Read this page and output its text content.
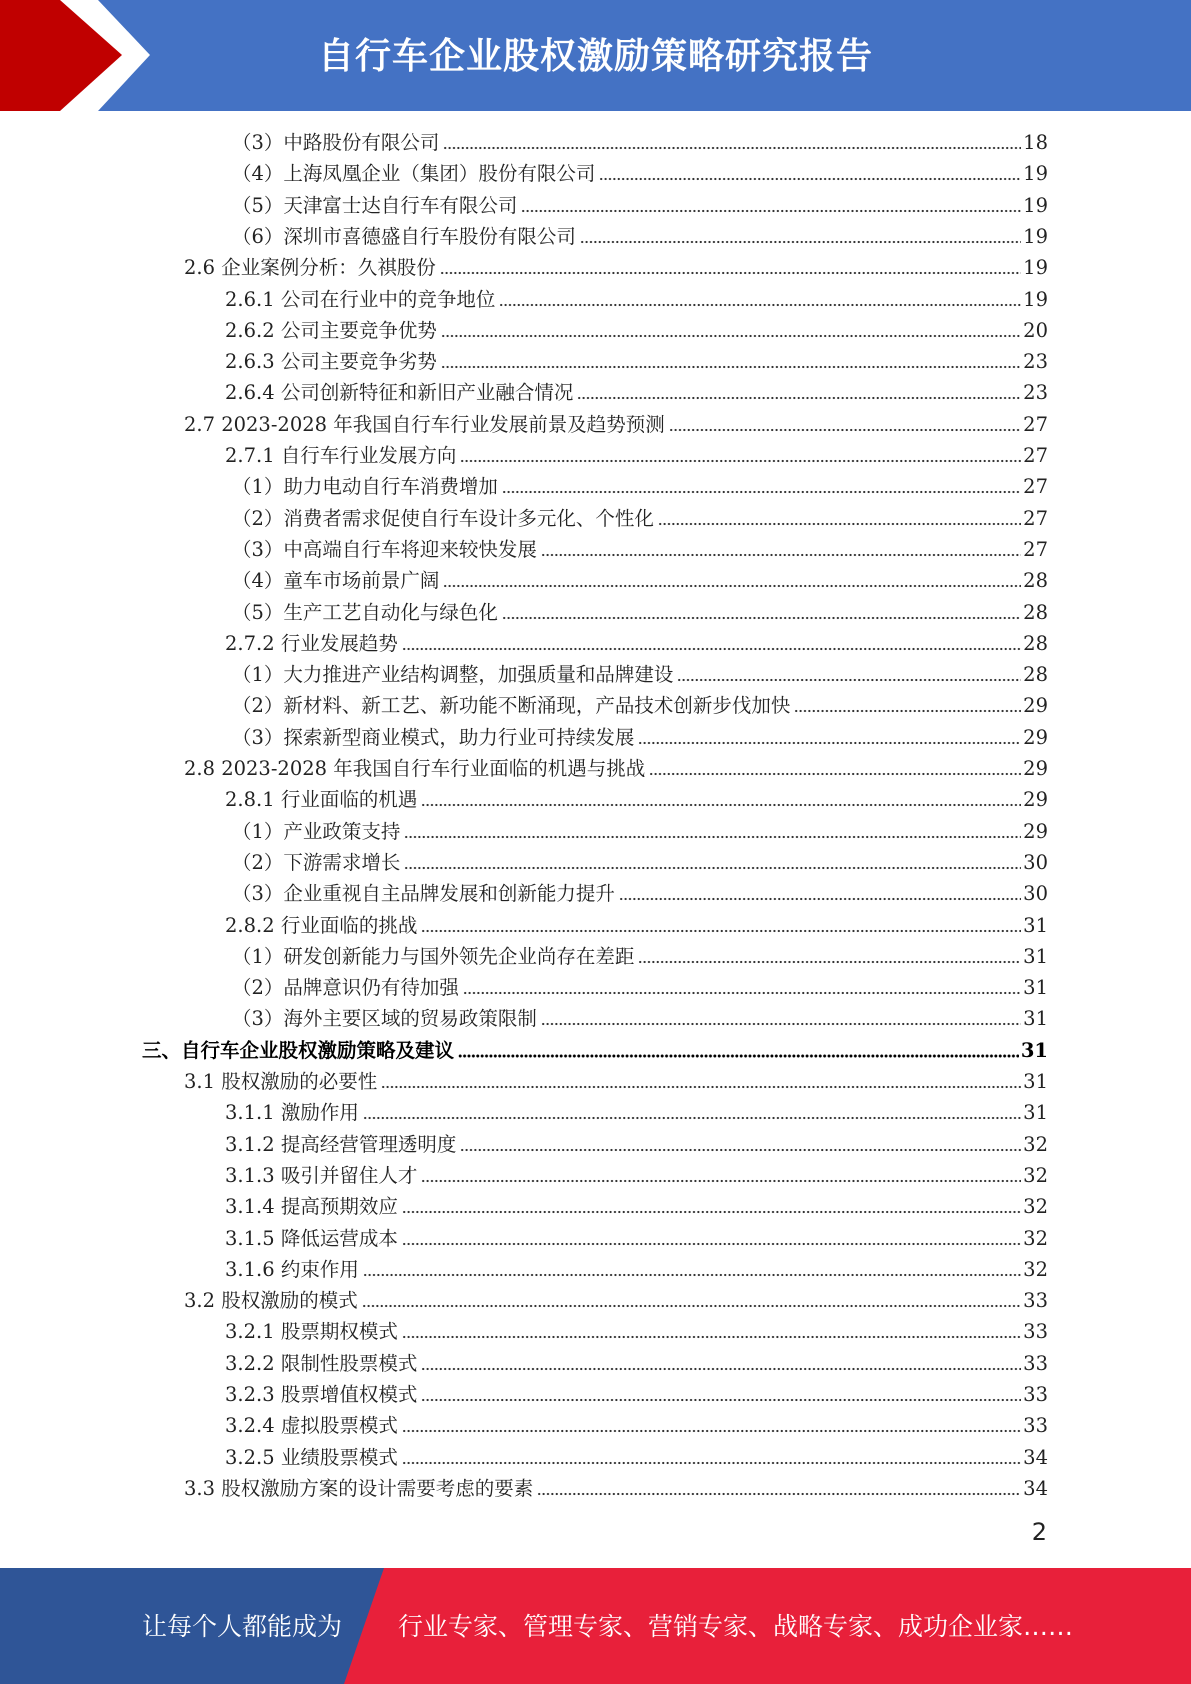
自行车企业股权激励策略研究报告
（3）中路股份有限公司	18
（4）上海凤凰企业（集团）股份有限公司	19
（5）天津富士达自行车有限公司	19
（6）深圳市喜德盛自行车股份有限公司	19
2.6 企业案例分析：久祺股份	19
2.6.1 公司在行业中的竞争地位	19
2.6.2 公司主要竞争优势	20
2.6.3 公司主要竞争劣势	23
2.6.4 公司创新特征和新旧产业融合情况	23
2.7 2023-2028 年我国自行车行业发展前景及趋势预测	27
2.7.1 自行车行业发展方向	27
（1）助力电动自行车消费增加	27
（2）消费者需求促使自行车设计多元化、个性化	27
（3）中高端自行车将迎来较快发展	27
（4）童车市场前景广阔	28
（5）生产工艺自动化与绿色化	28
2.7.2 行业发展趋势	28
（1）大力推进产业结构调整，加强质量和品牌建设	28
（2）新材料、新工艺、新功能不断涌现，产品技术创新步伐加快	29
（3）探索新型商业模式，助力行业可持续发展	29
2.8 2023-2028 年我国自行车行业面临的机遇与挑战	29
2.8.1 行业面临的机遇	29
（1）产业政策支持	29
（2）下游需求增长	30
（3）企业重视自主品牌发展和创新能力提升	30
2.8.2 行业面临的挑战	31
（1）研发创新能力与国外领先企业尚存在差距	31
（2）品牌意识仍有待加强	31
（3）海外主要区域的贸易政策限制	31
三、自行车企业股权激励策略及建议	31
3.1 股权激励的必要性	31
3.1.1 激励作用	31
3.1.2 提高经营管理透明度	32
3.1.3 吸引并留住人才	32
3.1.4 提高预期效应	32
3.1.5 降低运营成本	32
3.1.6 约束作用	32
3.2 股权激励的模式	33
3.2.1 股票期权模式	33
3.2.2 限制性股票模式	33
3.2.3 股票增值权模式	33
3.2.4 虚拟股票模式	33
3.2.5 业绩股票模式	34
3.3 股权激励方案的设计需要考虑的要素	34
2
让每个人都能成为 行业专家、管理专家、营销专家、战略专家、成功企业家……
